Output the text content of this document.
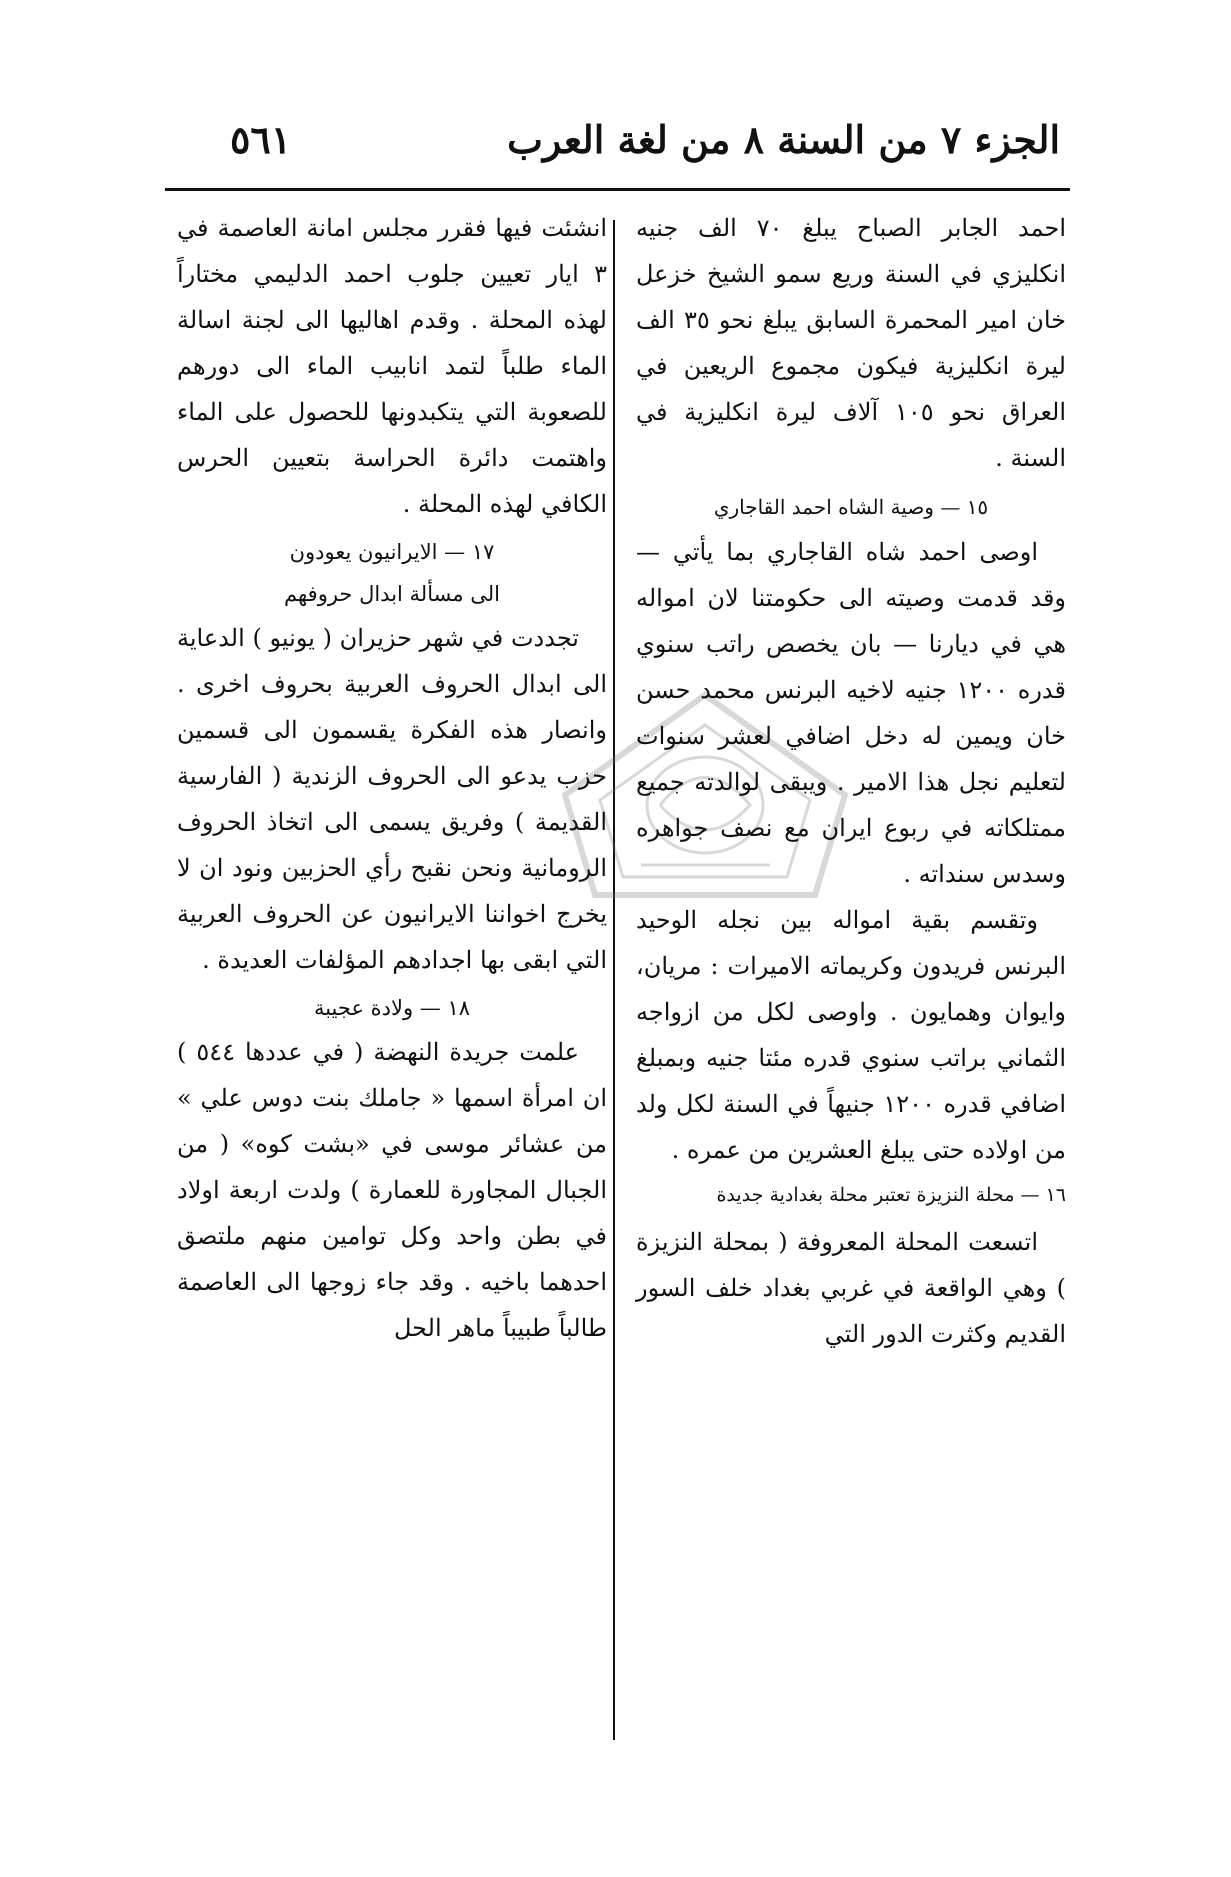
الجزء ٧ من السنة ٨ من لغة العرب
٥٦١

احمد الجابر الصباح يبلغ ٧٠ الف جنيه انكليزي في السنة وريع سمو الشيخ خزعل خان امير المحمرة السابق يبلغ نحو ٣٥ الف ليرة انكليزية فيكون مجموع الريعين في العراق نحو ١٠٥ آلاف ليرة انكليزية في السنة .

١٥ — وصية الشاه احمد القاجاري

اوصى احمد شاه القاجاري بما يأتي — وقد قدمت وصيته الى حكومتنا لان امواله هي في ديارنا — بان يخصص راتب سنوي قدره ١٢٠٠ جنيه لاخيه البرنس محمد حسن خان ويمين له دخل اضافي لعشر سنوات لتعليم نجل هذا الامير . ويبقى لوالدته جميع ممتلكاته في ربوع ايران مع نصف جواهره وسدس سنداته .

وتقسم بقية امواله بين نجله الوحيد البرنس فريدون وكريماته الاميرات : مريان، وايوان وهمايون . واوصى لكل من ازواجه الثماني براتب سنوي قدره مئتا جنيه وبمبلغ اضافي قدره ١٢٠٠ جنيهاً في السنة لكل ولد من اولاده حتى يبلغ العشرين من عمره .

١٦ — محلة النزيزة تعتبر محلة بغدادية جديدة

اتسعت المحلة المعروفة ( بمحلة النزيزة ) وهي الواقعة في غربي بغداد خلف السور القديم وكثرت الدور التي

انشئت فيها فقرر مجلس امانة العاصمة في ٣ ايار تعيين جلوب احمد الدليمي مختاراً لهذه المحلة . وقدم اهاليها الى لجنة اسالة الماء طلباً لتمد انابيب الماء الى دورهم للصعوبة التي يتكبدونها للحصول على الماء واهتمت دائرة الحراسة بتعيين الحرس الكافي لهذه المحلة .

١٧ — الايرانيون يعودون
الى مسألة ابدال حروفهم

تجددت في شهر حزيران ( يونيو ) الدعاية الى ابدال الحروف العربية بحروف اخرى . وانصار هذه الفكرة يقسمون الى قسمين حزب يدعو الى الحروف الزندية ( الفارسية القديمة ) وفريق يسمى الى اتخاذ الحروف الرومانية ونحن نقبح رأي الحزبين ونود ان لا يخرج اخواننا الايرانيون عن الحروف العربية التي ابقى بها اجدادهم المؤلفات العديدة .

١٨ — ولادة عجيبة

علمت جريدة النهضة ( في عددها ٥٤٤ ) ان امرأة اسمها « جاملك بنت دوس علي » من عشائر موسى في «بشت كوه» ( من الجبال المجاورة للعمارة ) ولدت اربعة اولاد في بطن واحد وكل توامين منهم ملتصق احدهما باخيه . وقد جاء زوجها الى العاصمة طالباً طبيباً ماهر الحل
